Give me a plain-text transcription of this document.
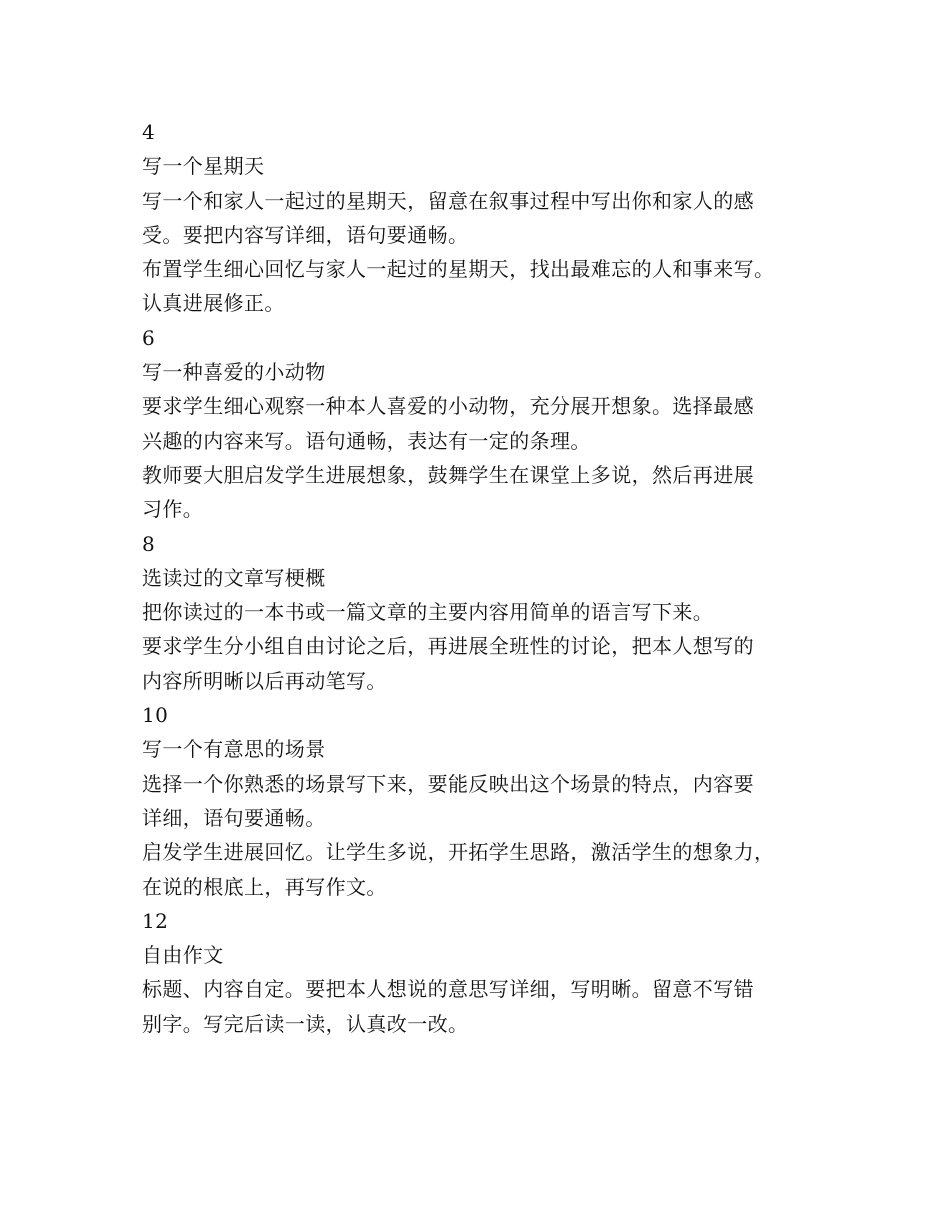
4
写一个星期天
写一个和家人一起过的星期天，留意在叙事过程中写出你和家人的感
受。要把内容写详细，语句要通畅。
布置学生细心回忆与家人一起过的星期天，找出最难忘的人和事来写。
认真进展修正。
6
写一种喜爱的小动物
要求学生细心观察一种本人喜爱的小动物，充分展开想象。选择最感
兴趣的内容来写。语句通畅，表达有一定的条理。
教师要大胆启发学生进展想象，鼓舞学生在课堂上多说，然后再进展
习作。
8
选读过的文章写梗概
把你读过的一本书或一篇文章的主要内容用简单的语言写下来。
要求学生分小组自由讨论之后，再进展全班性的讨论，把本人想写的
内容所明晰以后再动笔写。
10
写一个有意思的场景
选择一个你熟悉的场景写下来，要能反映出这个场景的特点，内容要
详细，语句要通畅。
启发学生进展回忆。让学生多说，开拓学生思路，激活学生的想象力，
在说的根底上，再写作文。
12
自由作文
标题、内容自定。要把本人想说的意思写详细，写明晰。留意不写错
别字。写完后读一读，认真改一改。
